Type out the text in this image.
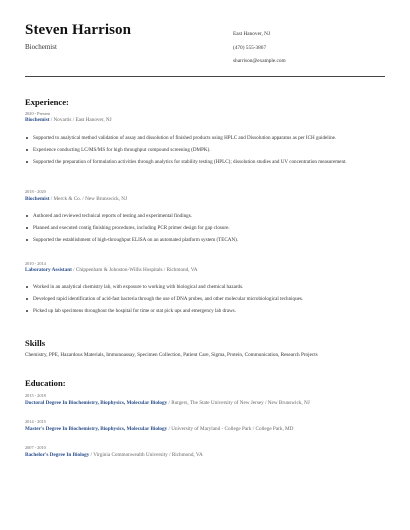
Steven Harrison
Biochemist
East Hanover, NJ
(470) 555-3867
sharrison@example.com
Experience:
2020 - Present
Biochemist / Novartis / East Hanover, NJ
Supported to analytical method validation of assay and dissolution of finished products using HPLC and Dissolution apparatus as per ICH guideline.
Experience conducting LC/MS/MS for high throughput compound screening (DMPK).
Supported the preparation of formulation activities through analytics for stability testing (HPLC); dissolution studies and UV concentration measurement.
2018 - 2020
Biochemist / Merck & Co. / New Brunswick, NJ
Authored and reviewed technical reports of testing and experimental findings.
Planned and executed contig finishing procedures, including PCR primer design for gap closure.
Supported the establishment of high-throughput ELISA on an automated platform system (TECAN).
2010 - 2014
Laboratory Assistant / Chippenham & Johnston-Willis Hospitals / Richmond, VA
Worked in an analytical chemistry lab, with exposure to working with biological and chemical hazards.
Developed rapid identification of acid-fast bacteria through the use of DNA probes, and other molecular microbiological techniques.
Picked up lab specimens throughout the hospital for time or stat pick ups and emergency lab draws.
Skills
Chemistry, PPE, Hazardous Materials, Immunoassay, Specimen Collection, Patient Care, Sigma, Protein, Communication, Research Projects
Education:
2015 - 2018
Doctoral Degree In Biochemistry, Biophysics, Molecular Biology / Rutgers, The State University of New Jersey / New Brunswick, NJ
2014 - 2015
Master's Degree In Biochemistry, Biophysics, Molecular Biology / University of Maryland - College Park / College Park, MD
2007 - 2010
Bachelor's Degree In Biology / Virginia Commonwealth University / Richmond, VA
